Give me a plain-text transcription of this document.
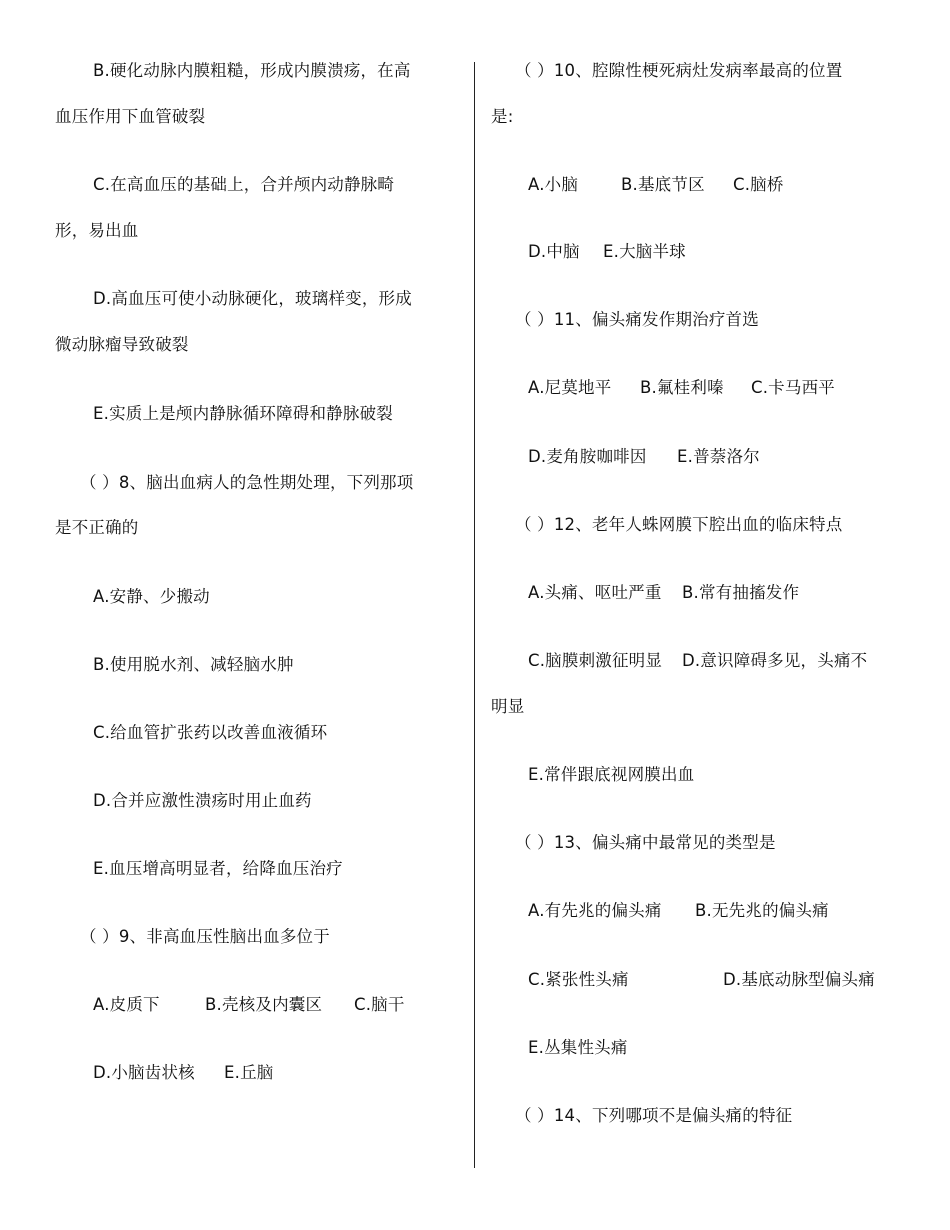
B.硬化动脉内膜粗糙，形成内膜溃疡，在高
血压作用下血管破裂
C.在高血压的基础上，合并颅内动静脉畸
形，易出血
D.高血压可使小动脉硬化，玻璃样变，形成
微动脉瘤导致破裂
E.实质上是颅内静脉循环障碍和静脉破裂
（ ）8、脑出血病人的急性期处理，下列那项
是不正确的
A.安静、少搬动
B.使用脱水剂、减轻脑水肿
C.给血管扩张药以改善血液循环
D.合并应激性溃疡时用止血药
E.血压增高明显者，给降血压治疗
（ ）9、非高血压性脑出血多位于
A.皮质下	B.壳核及内囊区 C.脑干
D.小脑齿状核 E.丘脑
（ ）10、腔隙性梗死病灶发病率最高的位置
是:
A.小脑	B.基底节区 C.脑桥
D.中脑 E.大脑半球
（ ）11、偏头痛发作期治疗首选
A.尼莫地平 B.氟桂利嗪 C.卡马西平
D.麦角胺咖啡因 E.普萘洛尔
（ ）12、老年人蛛网膜下腔出血的临床特点
A.头痛、呕吐严重 B.常有抽搐发作
C.脑膜刺激征明显 D.意识障碍多见，头痛不
明显
E.常伴跟底视网膜出血
（ ）13、偏头痛中最常见的类型是
A.有先兆的偏头痛 B.无先兆的偏头痛
C.紧张性头痛	D.基底动脉型偏头痛
E.丛集性头痛
（ ）14、下列哪项不是偏头痛的特征
